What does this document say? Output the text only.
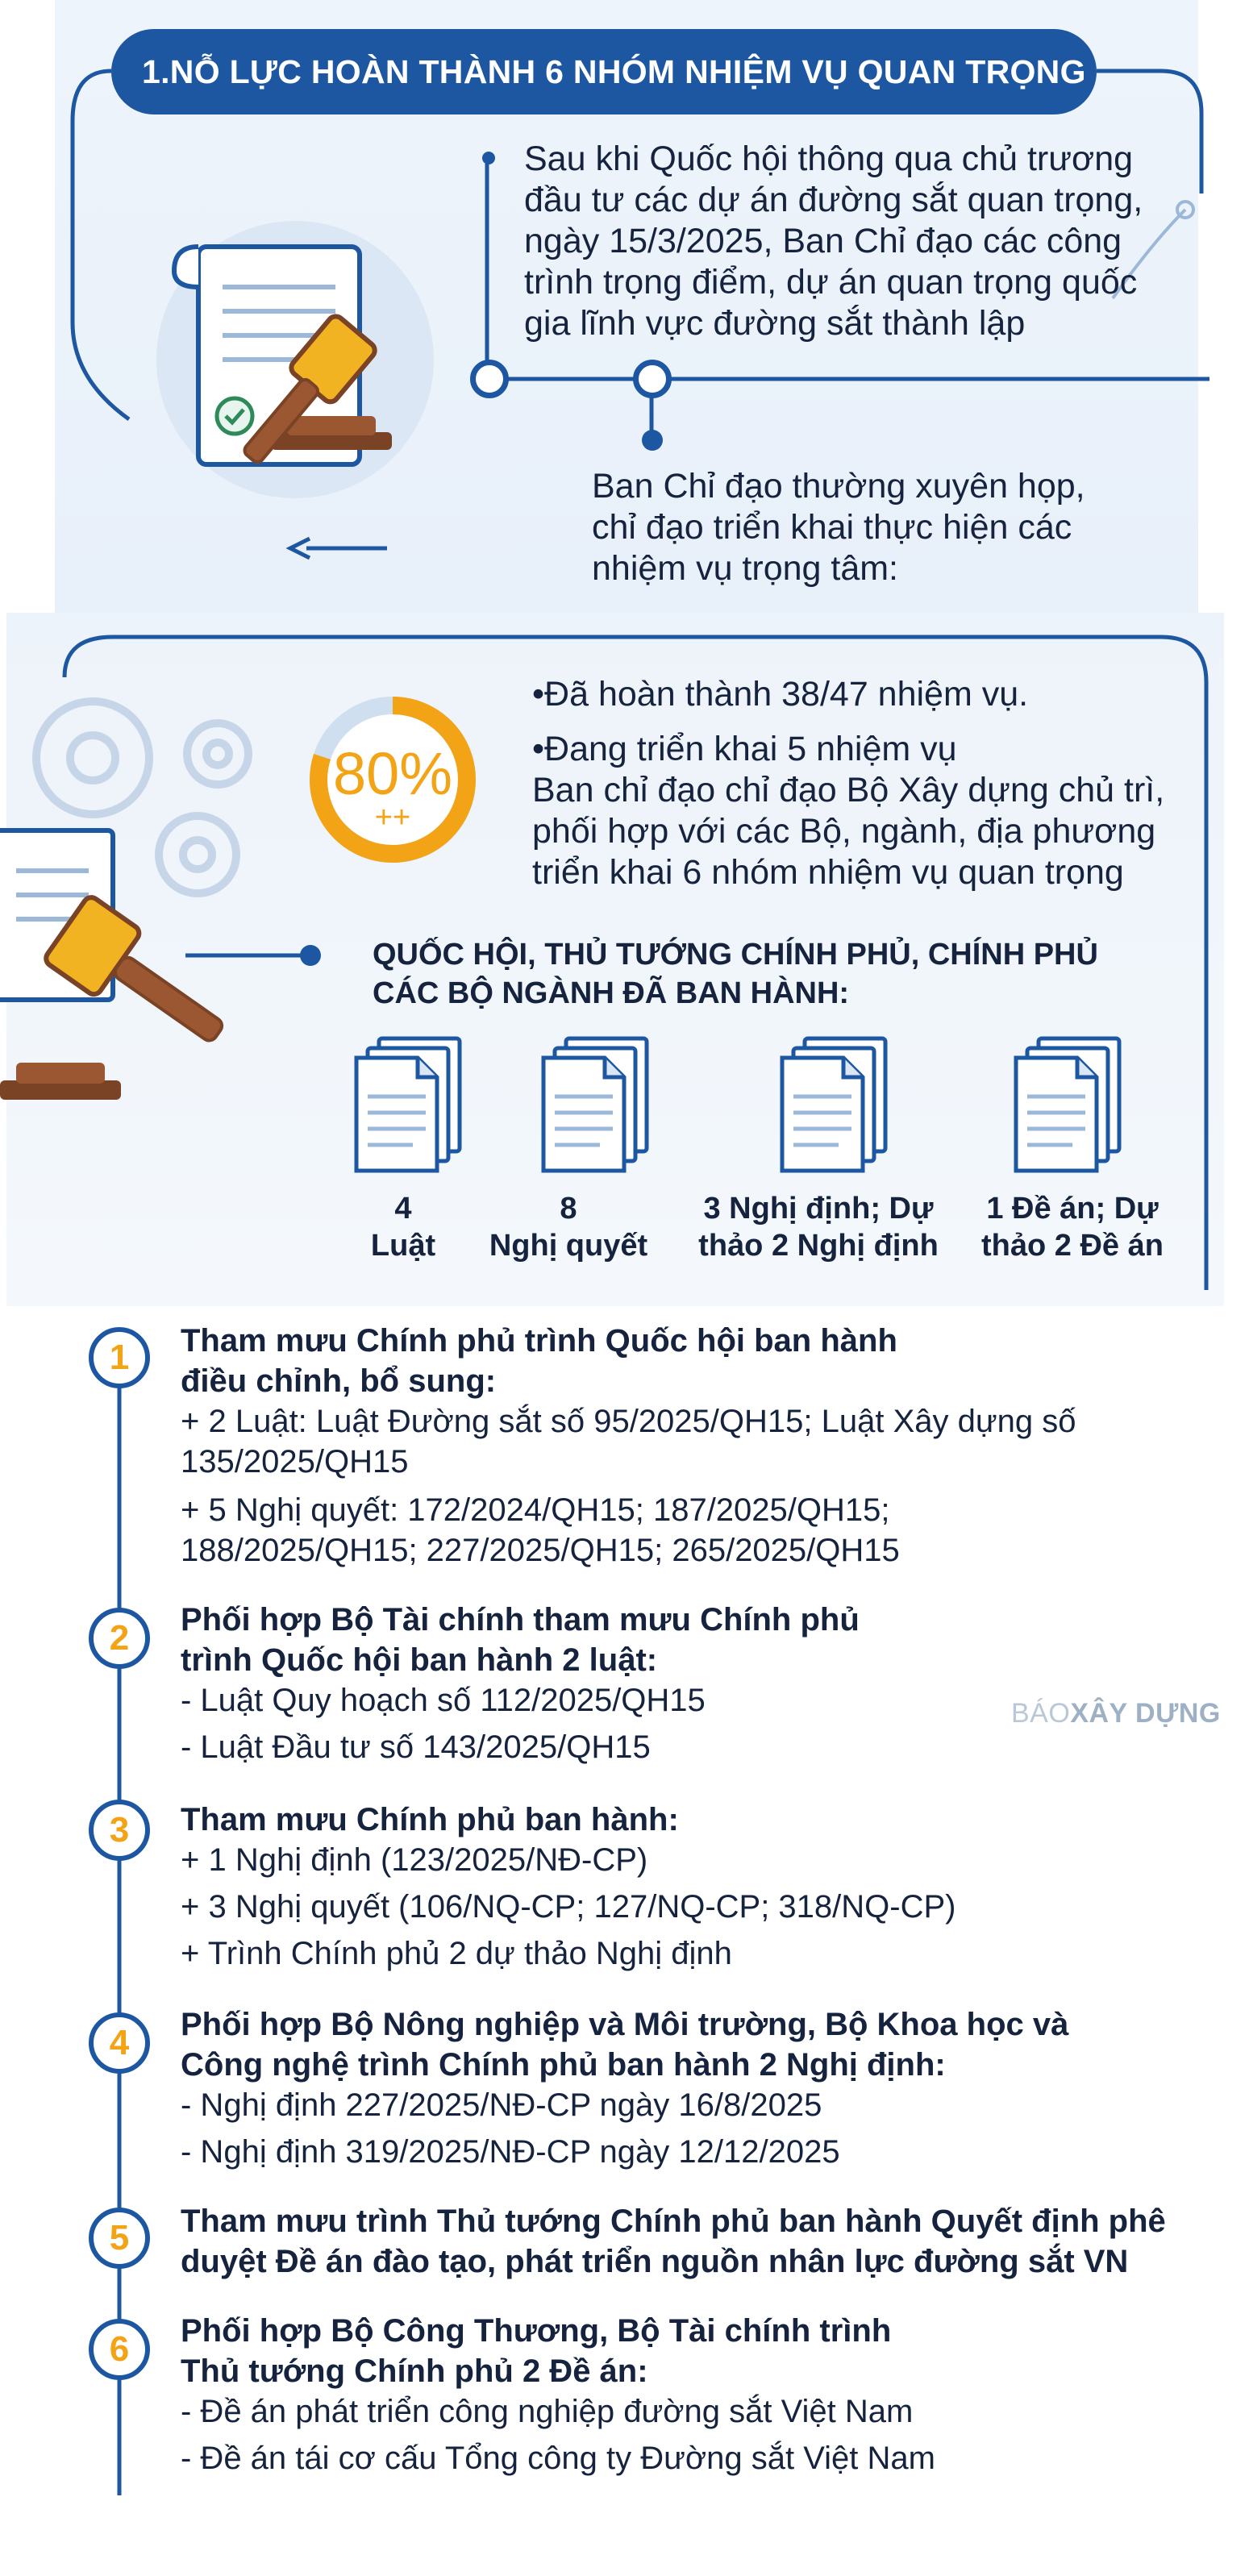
1.NỖ LỰC HOÀN THÀNH 6 NHÓM NHIỆM VỤ QUAN TRỌNG
Sau khi Quốc hội thông qua chủ trương
đầu tư các dự án đường sắt quan trọng,
ngày 15/3/2025, Ban Chỉ đạo các công
trình trọng điểm, dự án quan trọng quốc
gia lĩnh vực đường sắt thành lập
Ban Chỉ đạo thường xuyên họp,
chỉ đạo triển khai thực hiện các
nhiệm vụ trọng tâm:
80%
++
•Đã hoàn thành 38/47 nhiệm vụ.
•Đang triển khai 5 nhiệm vụ
Ban chỉ đạo chỉ đạo Bộ Xây dựng chủ trì,
phối hợp với các Bộ, ngành, địa phương
triển khai 6 nhóm nhiệm vụ quan trọng
QUỐC HỘI, THỦ TƯỚNG CHÍNH PHỦ, CHÍNH PHỦ
CÁC BỘ NGÀNH ĐÃ BAN HÀNH:
4
Luật
8
Nghị quyết
3 Nghị định; Dự
thảo 2 Nghị định
1 Đề án; Dự
thảo 2 Đề án
1	Tham mưu Chính phủ trình Quốc hội ban hành
điều chỉnh, bổ sung:
+ 2 Luật: Luật Đường sắt số 95/2025/QH15; Luật Xây dựng số
135/2025/QH15
+ 5 Nghị quyết: 172/2024/QH15; 187/2025/QH15;
188/2025/QH15; 227/2025/QH15; 265/2025/QH15
2	Phối hợp Bộ Tài chính tham mưu Chính phủ
trình Quốc hội ban hành 2 luật:
- Luật Quy hoạch số 112/2025/QH15
- Luật Đầu tư số 143/2025/QH15
BÁOXÂY DỰNG
3	Tham mưu Chính phủ ban hành:
+ 1 Nghị định (123/2025/NĐ-CP)
+ 3 Nghị quyết (106/NQ-CP; 127/NQ-CP; 318/NQ-CP)
+ Trình Chính phủ 2 dự thảo Nghị định
4	Phối hợp Bộ Nông nghiệp và Môi trường, Bộ Khoa học và
Công nghệ trình Chính phủ ban hành 2 Nghị định:
- Nghị định 227/2025/NĐ-CP ngày 16/8/2025
- Nghị định 319/2025/NĐ-CP ngày 12/12/2025
5	Tham mưu trình Thủ tướng Chính phủ ban hành Quyết định phê
duyệt Đề án đào tạo, phát triển nguồn nhân lực đường sắt VN
6	Phối hợp Bộ Công Thương, Bộ Tài chính trình
Thủ tướng Chính phủ 2 Đề án:
- Đề án phát triển công nghiệp đường sắt Việt Nam
- Đề án tái cơ cấu Tổng công ty Đường sắt Việt Nam
